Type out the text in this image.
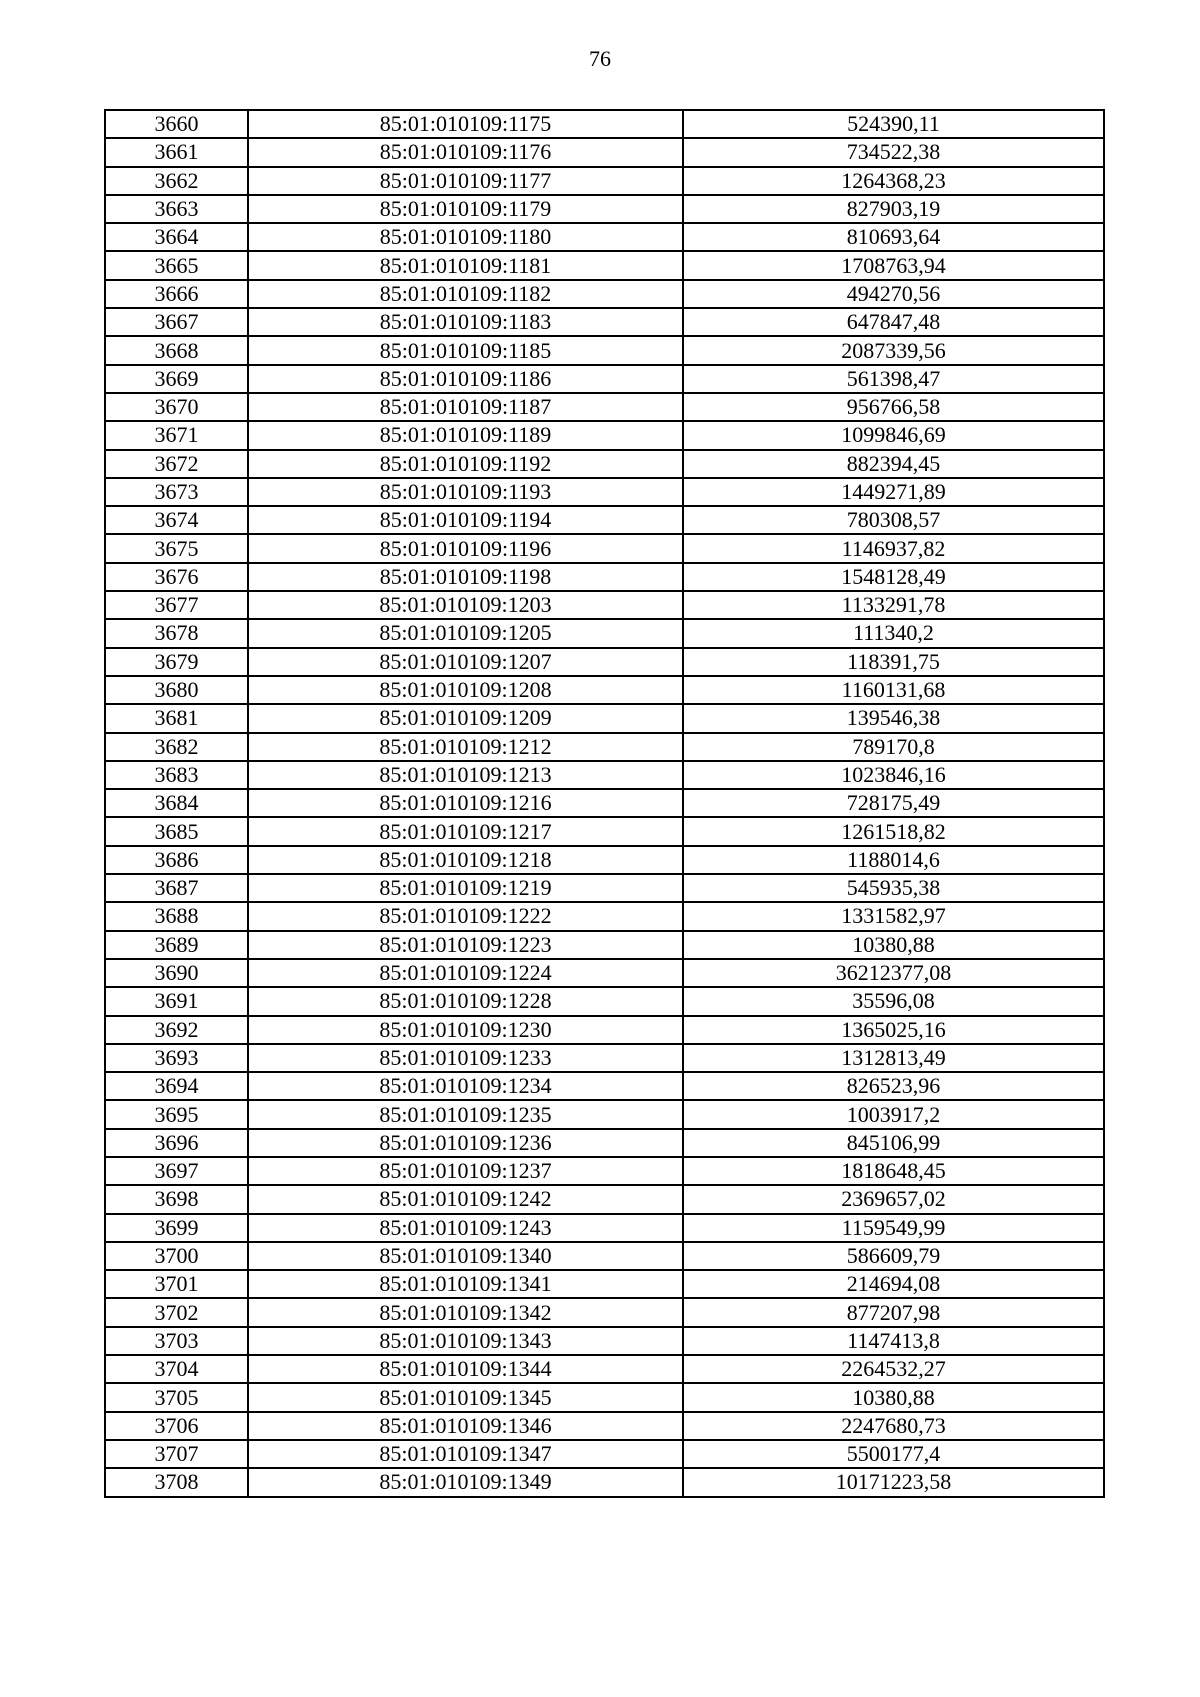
76
3660	85:01:010109:1175	524390,11
3661	85:01:010109:1176	734522,38
3662	85:01:010109:1177	1264368,23
3663	85:01:010109:1179	827903,19
3664	85:01:010109:1180	810693,64
3665	85:01:010109:1181	1708763,94
3666	85:01:010109:1182	494270,56
3667	85:01:010109:1183	647847,48
3668	85:01:010109:1185	2087339,56
3669	85:01:010109:1186	561398,47
3670	85:01:010109:1187	956766,58
3671	85:01:010109:1189	1099846,69
3672	85:01:010109:1192	882394,45
3673	85:01:010109:1193	1449271,89
3674	85:01:010109:1194	780308,57
3675	85:01:010109:1196	1146937,82
3676	85:01:010109:1198	1548128,49
3677	85:01:010109:1203	1133291,78
3678	85:01:010109:1205	111340,2
3679	85:01:010109:1207	118391,75
3680	85:01:010109:1208	1160131,68
3681	85:01:010109:1209	139546,38
3682	85:01:010109:1212	789170,8
3683	85:01:010109:1213	1023846,16
3684	85:01:010109:1216	728175,49
3685	85:01:010109:1217	1261518,82
3686	85:01:010109:1218	1188014,6
3687	85:01:010109:1219	545935,38
3688	85:01:010109:1222	1331582,97
3689	85:01:010109:1223	10380,88
3690	85:01:010109:1224	36212377,08
3691	85:01:010109:1228	35596,08
3692	85:01:010109:1230	1365025,16
3693	85:01:010109:1233	1312813,49
3694	85:01:010109:1234	826523,96
3695	85:01:010109:1235	1003917,2
3696	85:01:010109:1236	845106,99
3697	85:01:010109:1237	1818648,45
3698	85:01:010109:1242	2369657,02
3699	85:01:010109:1243	1159549,99
3700	85:01:010109:1340	586609,79
3701	85:01:010109:1341	214694,08
3702	85:01:010109:1342	877207,98
3703	85:01:010109:1343	1147413,8
3704	85:01:010109:1344	2264532,27
3705	85:01:010109:1345	10380,88
3706	85:01:010109:1346	2247680,73
3707	85:01:010109:1347	5500177,4
3708	85:01:010109:1349	10171223,58
